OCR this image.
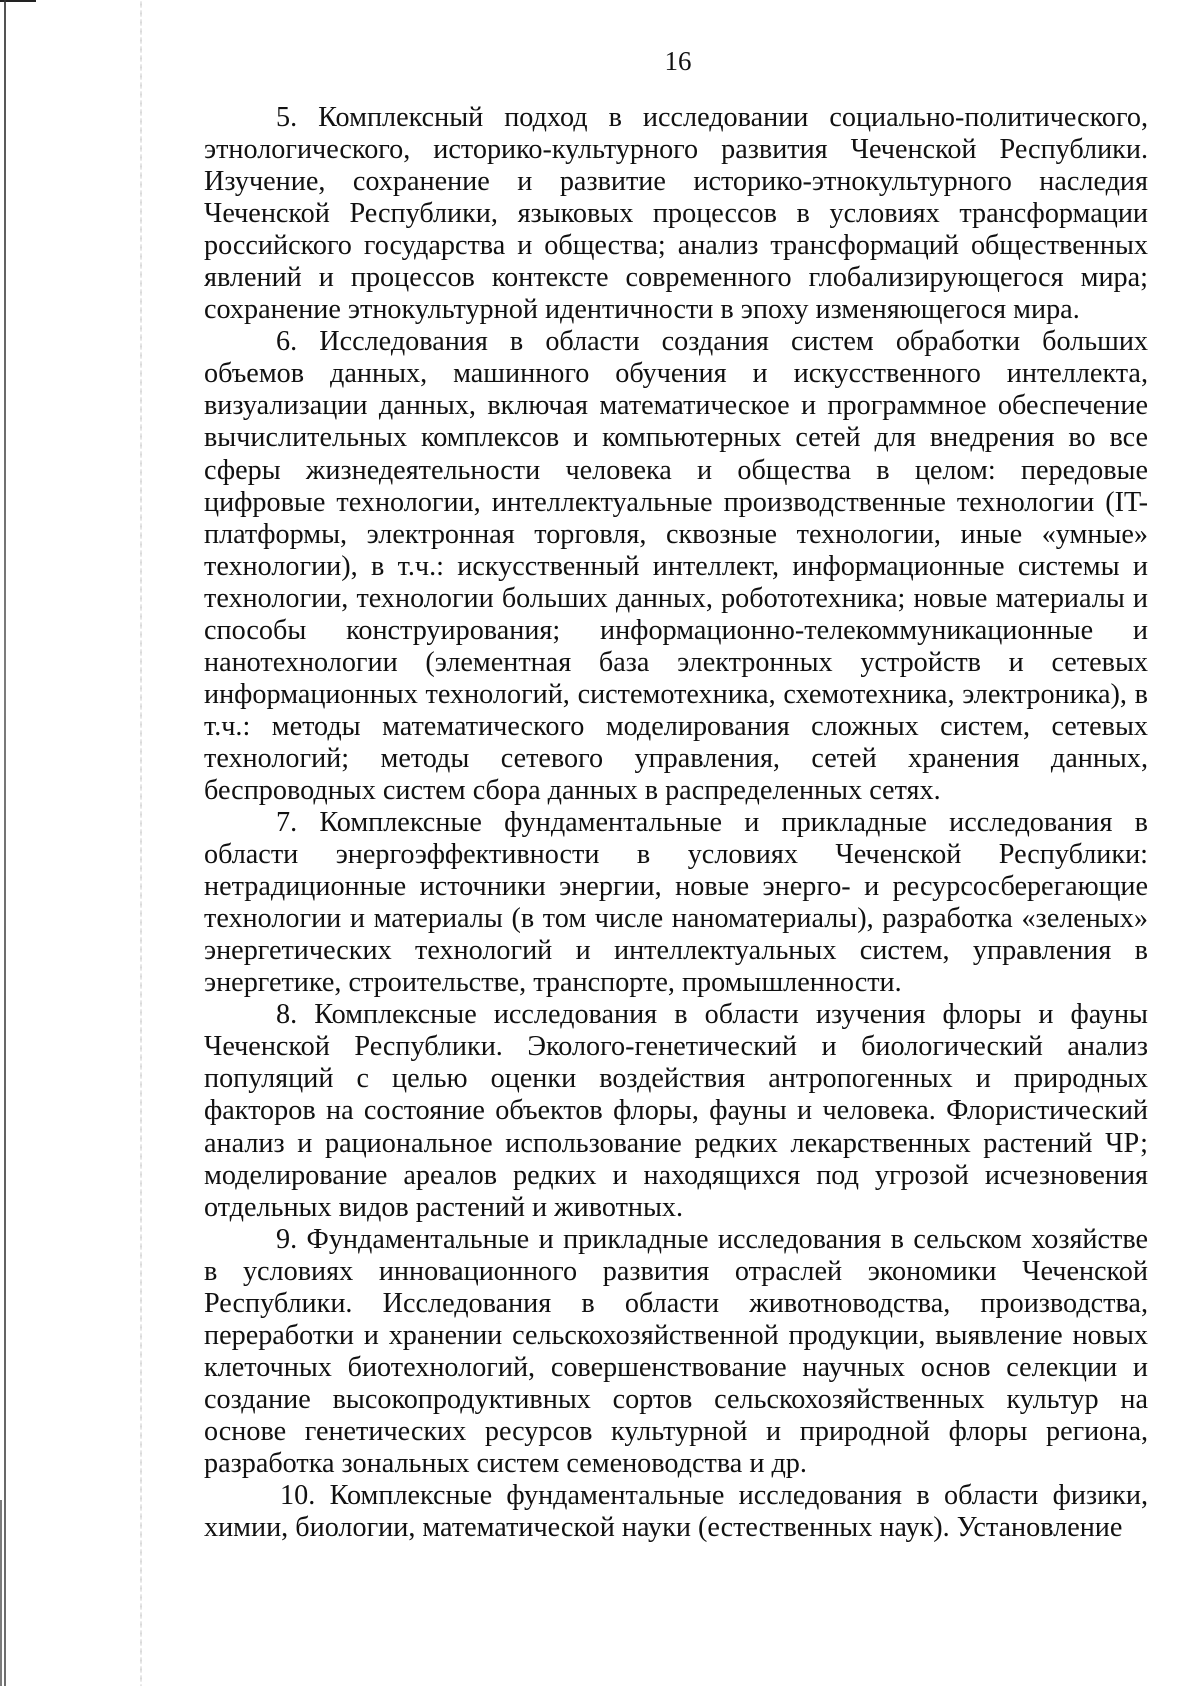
16

5. Комплексный подход в исследовании социально-политического, этнологического, историко-культурного развития Чеченской Республики. Изучение, сохранение и развитие историко-этнокультурного наследия Чеченской Республики, языковых процессов в условиях трансформации российского государства и общества; анализ трансформаций общественных явлений и процессов контексте современного глобализирующегося мира; сохранение этнокультурной идентичности в эпоху изменяющегося мира.

6. Исследования в области создания систем обработки больших объемов данных, машинного обучения и искусственного интеллекта, визуализации данных, включая математическое и программное обеспечение вычислительных комплексов и компьютерных сетей для внедрения во все сферы жизнедеятельности человека и общества в целом: передовые цифровые технологии, интеллектуальные производственные технологии (IT-платформы, электронная торговля, сквозные технологии, иные «умные» технологии), в т.ч.: искусственный интеллект, информационные системы и технологии, технологии больших данных, робототехника; новые материалы и способы конструирования; информационно-телекоммуникационные и нанотехнологии (элементная база электронных устройств и сетевых информационных технологий, системотехника, схемотехника, электроника), в т.ч.: методы математического моделирования сложных систем, сетевых технологий; методы сетевого управления, сетей хранения данных, беспроводных систем сбора данных в распределенных сетях.

7. Комплексные фундаментальные и прикладные исследования в области энергоэффективности в условиях Чеченской Республики: нетрадиционные источники энергии, новые энерго- и ресурсосберегающие технологии и материалы (в том числе наноматериалы), разработка «зеленых» энергетических технологий и интеллектуальных систем, управления в энергетике, строительстве, транспорте, промышленности.

8. Комплексные исследования в области изучения флоры и фауны Чеченской Республики. Эколого-генетический и биологический анализ популяций с целью оценки воздействия антропогенных и природных факторов на состояние объектов флоры, фауны и человека. Флористический анализ и рациональное использование редких лекарственных растений ЧР; моделирование ареалов редких и находящихся под угрозой исчезновения отдельных видов растений и животных.

9. Фундаментальные и прикладные исследования в сельском хозяйстве в условиях инновационного развития отраслей экономики Чеченской Республики. Исследования в области животноводства, производства, переработки и хранении сельскохозяйственной продукции, выявление новых клеточных биотехнологий, совершенствование научных основ селекции и создание высокопродуктивных сортов сельскохозяйственных культур на основе генетических ресурсов культурной и природной флоры региона, разработка зональных систем семеноводства и др.

10. Комплексные фундаментальные исследования в области физики, химии, биологии, математической науки (естественных наук). Установление
